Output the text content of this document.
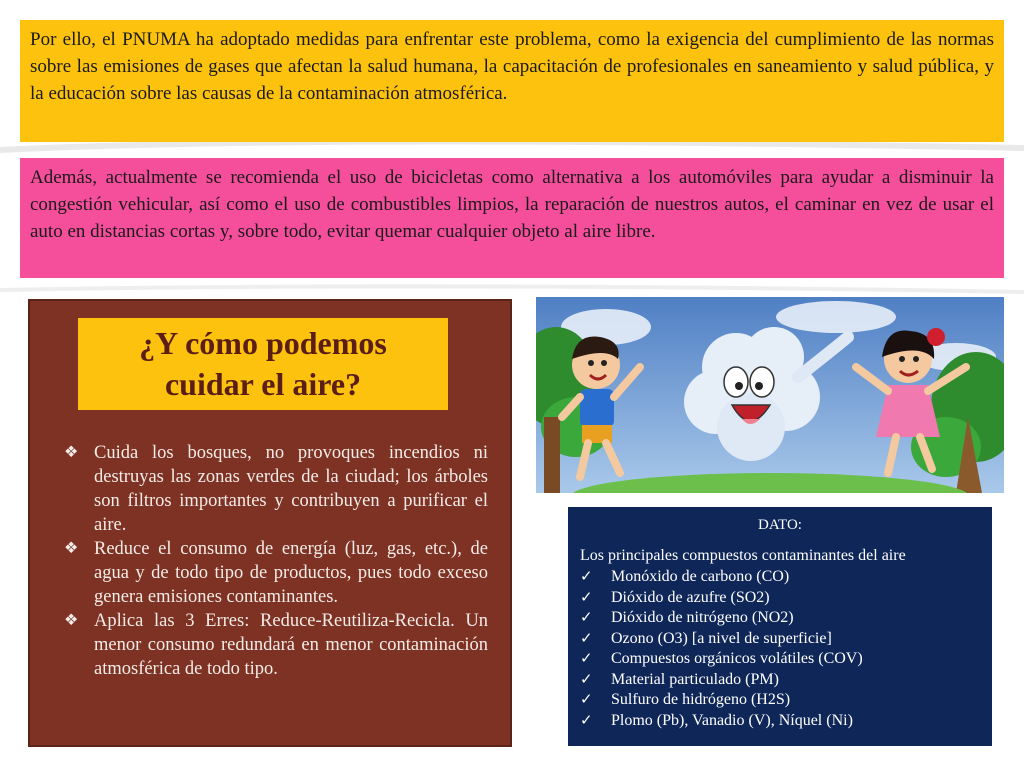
Por ello, el PNUMA ha adoptado medidas para enfrentar este problema, como la exigencia del cumplimiento de las normas sobre las emisiones de gases que afectan la salud humana, la capacitación de profesionales en saneamiento y salud pública, y la educación sobre las causas de la contaminación atmosférica.
Además, actualmente se recomienda el uso de bicicletas como alternativa a los automóviles para ayudar a disminuir la congestión vehicular, así como el uso de combustibles limpios, la reparación de nuestros autos, el caminar en vez de usar el auto en distancias cortas y, sobre todo, evitar quemar cualquier objeto al aire libre.
¿Y cómo podemos
cuidar el aire?
❖ Cuida los bosques, no provoques incendios ni destruyas las zonas verdes de la ciudad; los árboles son filtros importantes y contribuyen a purificar el aire.
❖ Reduce el consumo de energía (luz, gas, etc.), de agua y de todo tipo de productos, pues todo exceso genera emisiones contaminantes.
❖ Aplica las 3 Erres: Reduce-Reutiliza-Recicla. Un menor consumo redundará en menor contaminación atmosférica de todo tipo.
DATO:
Los principales compuestos contaminantes del aire
✓ Monóxido de carbono (CO)
✓ Dióxido de azufre (SO2)
✓ Dióxido de nitrógeno (NO2)
✓ Ozono (O3) [a nivel de superficie]
✓ Compuestos orgánicos volátiles (COV)
✓ Material particulado (PM)
✓ Sulfuro de hidrógeno (H2S)
✓ Plomo (Pb), Vanadio (V), Níquel (Ni)
